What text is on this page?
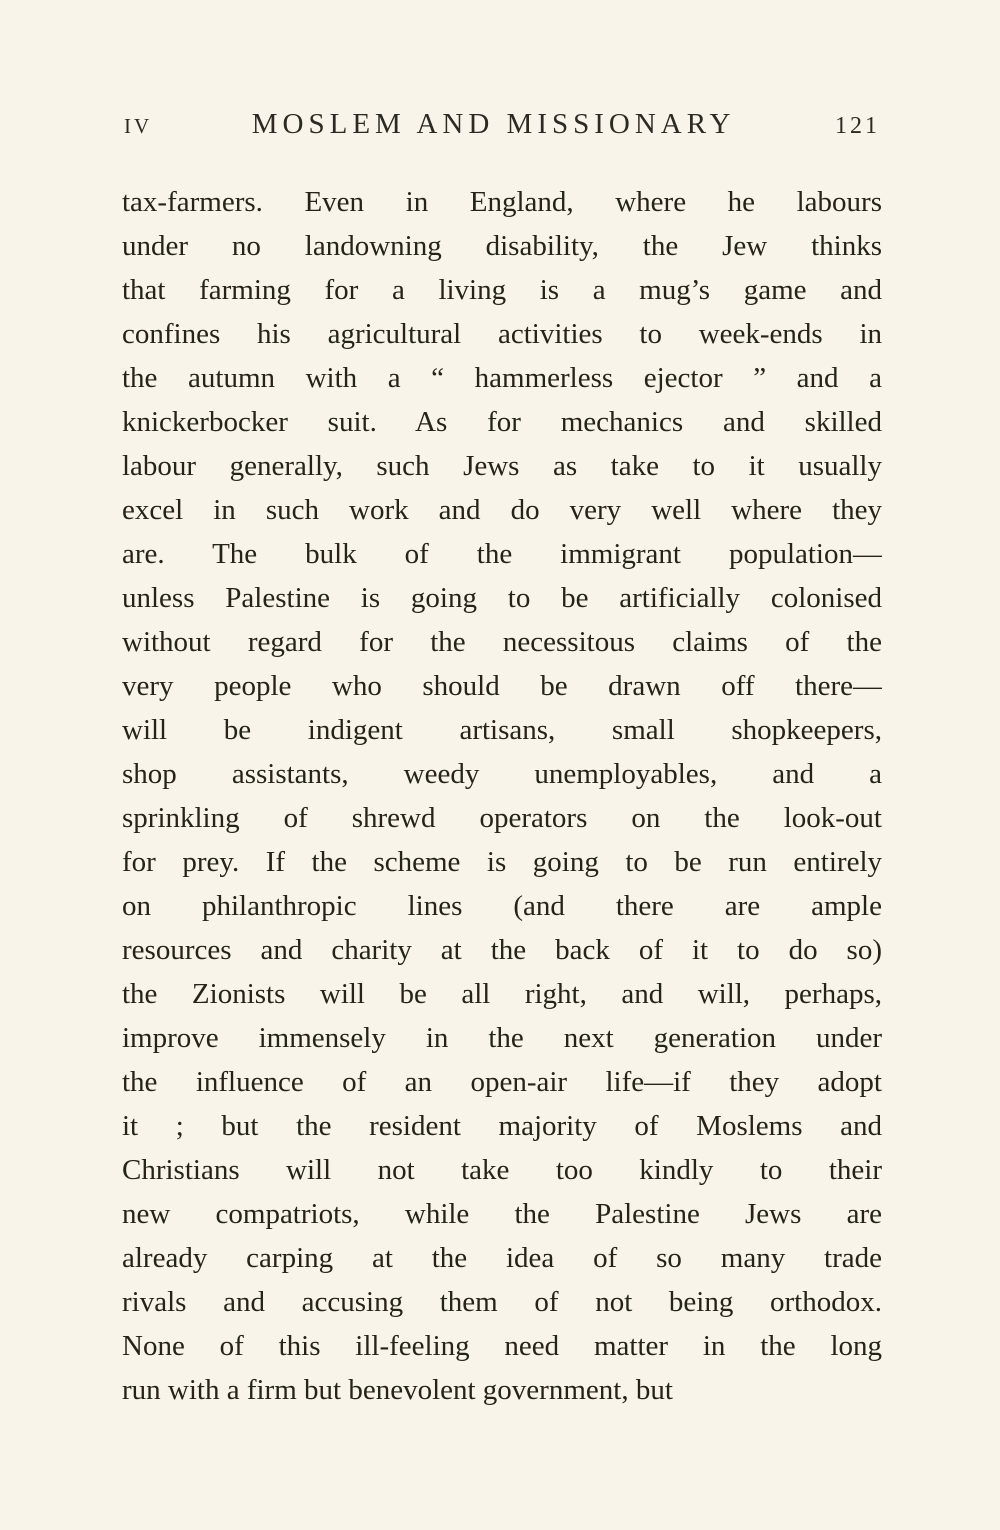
IV	MOSLEM AND MISSIONARY	121
tax-farmers. Even in England, where he labours
under no landowning disability, the Jew thinks
that farming for a living is a mug’s game and
confines his agricultural activities to week-ends in
the autumn with a “ hammerless ejector ” and a
knickerbocker suit. As for mechanics and skilled
labour generally, such Jews as take to it usually
excel in such work and do very well where they
are. The bulk of the immigrant population—
unless Palestine is going to be artificially colonised
without regard for the necessitous claims of the
very people who should be drawn off there—
will be indigent artisans, small shopkeepers,
shop assistants, weedy unemployables, and a
sprinkling of shrewd operators on the look-out
for prey. If the scheme is going to be run entirely
on philanthropic lines (and there are ample
resources and charity at the back of it to do so)
the Zionists will be all right, and will, perhaps,
improve immensely in the next generation under
the influence of an open-air life—if they adopt
it ; but the resident majority of Moslems and
Christians will not take too kindly to their
new compatriots, while the Palestine Jews are
already carping at the idea of so many trade
rivals and accusing them of not being orthodox.
None of this ill-feeling need matter in the long
run with a firm but benevolent government, but
